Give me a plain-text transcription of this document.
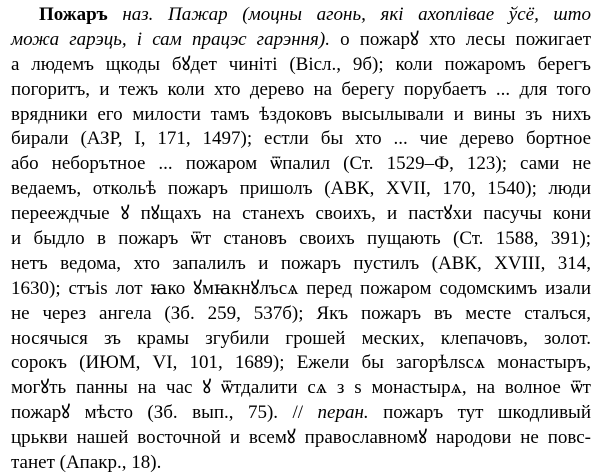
Пожаръ наз. Пажар (моцны агонь, які ахоплівае ўсё, што
можа гарэць, і сам працэс гарэння). о пожарꙋ хто лесы пожигает
а людемъ щкоды бꙋдет чиніті (Вісл., 9б); коли пожаромъ берегъ
погоритъ, и тежъ коли хто дерево на берегу порубаетъ ... для того
врядники его милости тамъ ѣздоковъ высылывали и вины зъ нихъ
бирали (АЗР, I, 171, 1497); естли бы хто ... чие дерево бортное
або неборътное ... пожаром ѿпалил (Ст. 1529–Ф, 123); сами не
ведаемъ, откольѣ пожаръ пришолъ (АВК, XVII, 170, 1540); люди
перееждчые ꙋ пꙋщахъ на станехъ своихъ, и пастꙋхи пасучы кони
и быдло в пожаръ ѿт становъ своихъ пущають (Ст. 1588, 391);
нетъ ведома, хто запалилъ и пожаръ пустилъ (АВК, XVIII, 314,
1630); стъіѕ лот ꙗко ꙋмꙗкнꙋлъсѧ перед пожаром содомскимъ изали
не через ангела (Зб. 259, 537б); Якъ пожаръ въ месте сталъся,
носячыся зъ крамы згубили грошей меских, клепачовъ, золот.
сорокъ (ИЮМ, VI, 101, 1689); Ежели бы загорѣлѕсѧ монастыръ,
могꙋть панны на час ꙋ ѿтдалити сѧ з ѕ монастырѧ, на волное ѿт
пожарꙋ мѣсто (Зб. вып., 75). // перан. пожаръ тут шкодливый
црькви нашей восточной и всемꙋ православномꙋ народови не повс-
танет (Апакр., 18).
